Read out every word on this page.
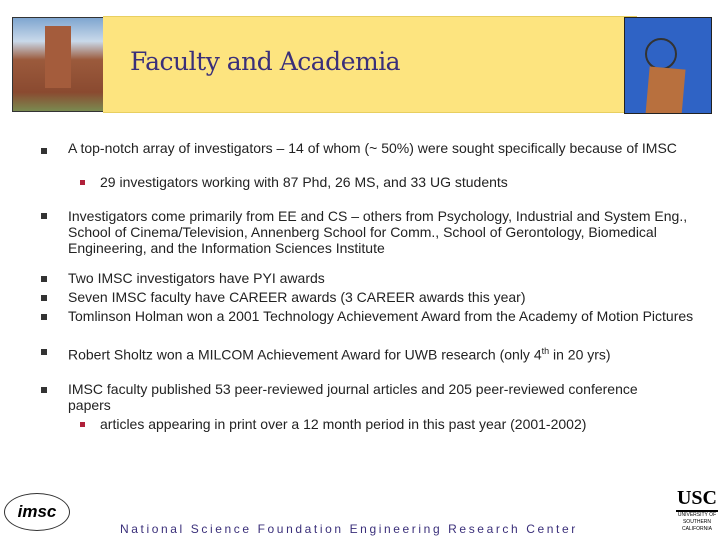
Faculty and Academia
A top-notch array of investigators – 14 of whom (~ 50%) were sought specifically because of IMSC
29 investigators working with 87 Phd, 26 MS, and 33 UG students
Investigators come primarily from EE and CS – others from Psychology, Industrial and System Eng., School of Cinema/Television, Annenberg School for Comm., School of Gerontology, Biomedical Engineering, and the Information Sciences Institute
Two IMSC investigators have PYI awards
Seven IMSC faculty have CAREER awards (3 CAREER awards this year)
Tomlinson Holman won a 2001 Technology Achievement Award from the Academy of Motion Pictures
Robert Sholtz won a MILCOM Achievement Award for UWB research (only 4th in 20 yrs)
IMSC faculty published 53 peer-reviewed journal articles and 205 peer-reviewed conference papers
articles appearing in print over a 12 month period in this past year (2001-2002)
imsc
National Science Foundation Engineering Research Center
USC
UNIVERSITY OF SOUTHERN CALIFORNIA
